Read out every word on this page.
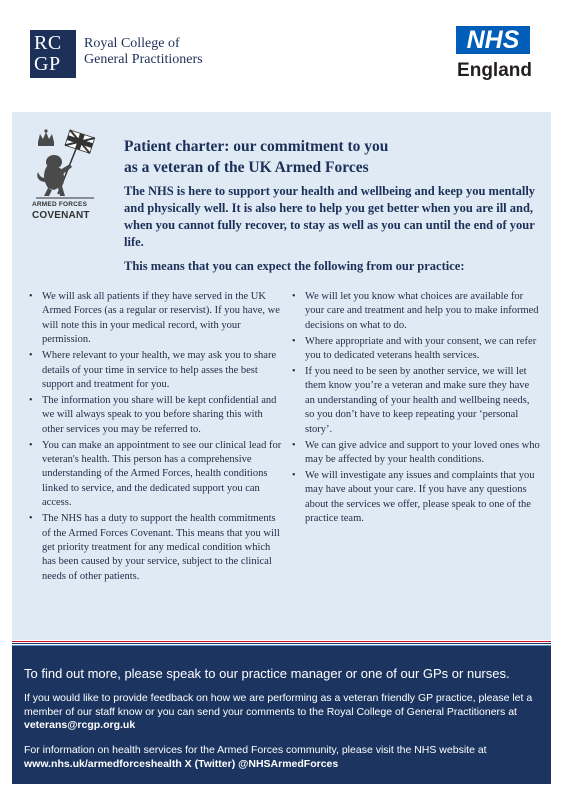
RC
GP
Royal College of
General Practitioners
NHS
England
ARMED FORCES
COVENANT
Patient charter: our commitment to you
as a veteran of the UK Armed Forces

The NHS is here to support your health and wellbeing and keep you mentally and physically well. It is also here to help you get better when you are ill and, when you cannot fully recover, to stay as well as you can until the end of your life.

This means that you can expect the following from our practice:

• We will ask all patients if they have served in the UK Armed Forces (as a regular or reservist). If you have, we will note this in your medical record, with your permission.
• Where relevant to your health, we may ask you to share details of your time in service to help asses the best support and treatment for you.
• The information you share will be kept confidential and we will always speak to you before sharing this with other services you may be referred to.
• You can make an appointment to see our clinical lead for veteran's health. This person has a comprehensive understanding of the Armed Forces, health conditions linked to service, and the dedicated support you can access.
• The NHS has a duty to support the health commitments of the Armed Forces Covenant. This means that you will get priority treatment for any medical condition which has been caused by your service, subject to the clinical needs of other patients.
• We will let you know what choices are available for your care and treatment and help you to make informed decisions on what to do.
• Where appropriate and with your consent, we can refer you to dedicated veterans health services.
• If you need to be seen by another service, we will let them know you’re a veteran and make sure they have an understanding of your health and wellbeing needs, so you don’t have to keep repeating your ‘personal story’.
• We can give advice and support to your loved ones who may be affected by your health conditions.
• We will investigate any issues and complaints that you may have about your care. If you have any questions about the services we offer, please speak to one of the practice team.
To find out more, please speak to our practice manager or one of our GPs or nurses.
If you would like to provide feedback on how we are performing as a veteran friendly GP practice, please let a member of our staff know or you can send your comments to the Royal College of General Practitioners at veterans@rcgp.org.uk
For information on health services for the Armed Forces community, please visit the NHS website at www.nhs.uk/armedforceshealth X (Twitter) @NHSArmedForces
